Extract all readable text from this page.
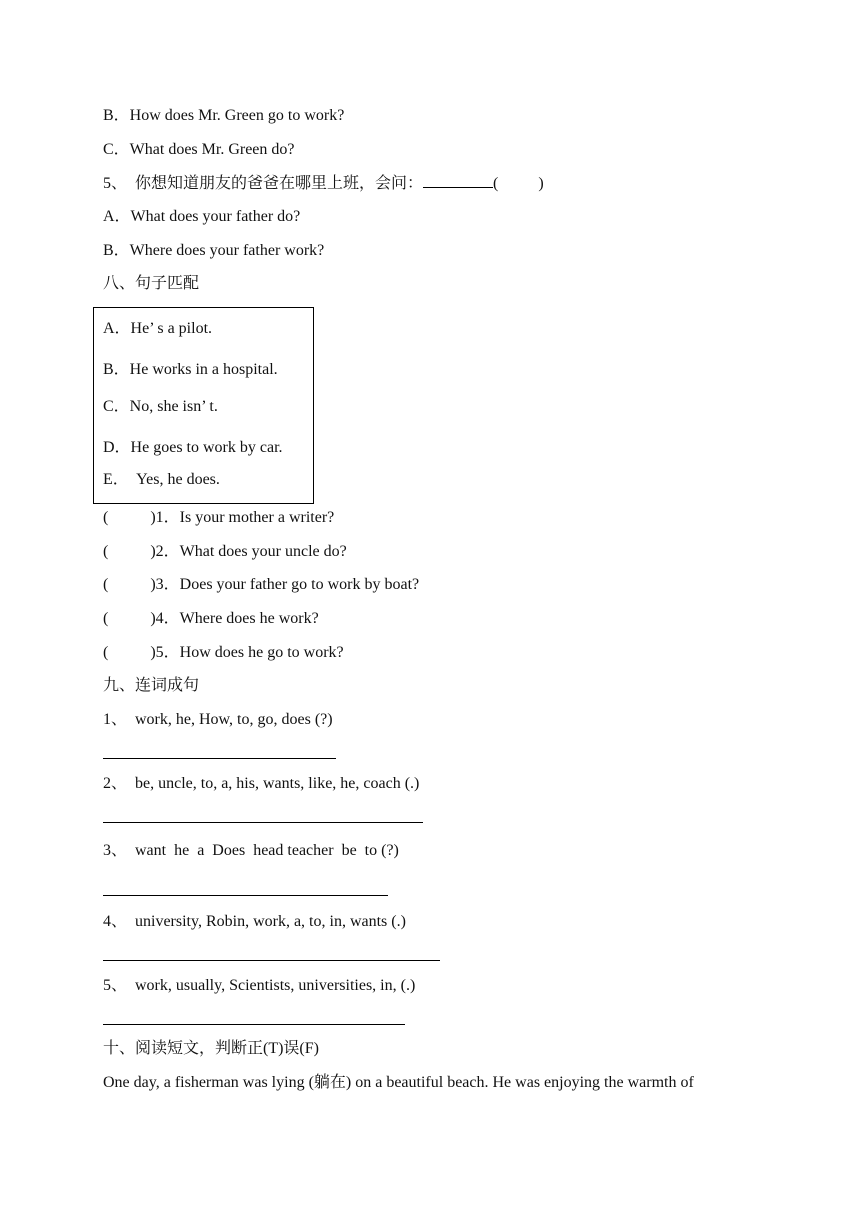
B．How does Mr. Green go to work?
C．What does Mr. Green do?
5、  你想知道朋友的爸爸在哪里上班，会问：	(	)
A．What does your father do?
B．Where does your father work?
八、句子匹配
A．He’ s a pilot.
B．He works in a hospital.
C．No, she isn’ t.
D．He goes to work by car.
E．  Yes, he does.
(	)1．Is your mother a writer?
(	)2．What does your uncle do?
(	)3．Does your father go to work by boat?
(	)4．Where does he work?
(	)5．How does he go to work?
九、连词成句
1、  work, he, How, to, go, does (?)
2、  be, uncle, to, a, his, wants, like, he, coach (.)
3、  want  he  a  Does  head teacher  be  to (?)
4、  university, Robin, work, a, to, in, wants (.)
5、  work, usually, Scientists, universities, in, (.)
十、阅读短文，判断正(T)误(F)
One day, a fisherman was lying (躺在) on a beautiful beach. He was enjoying the warmth of
